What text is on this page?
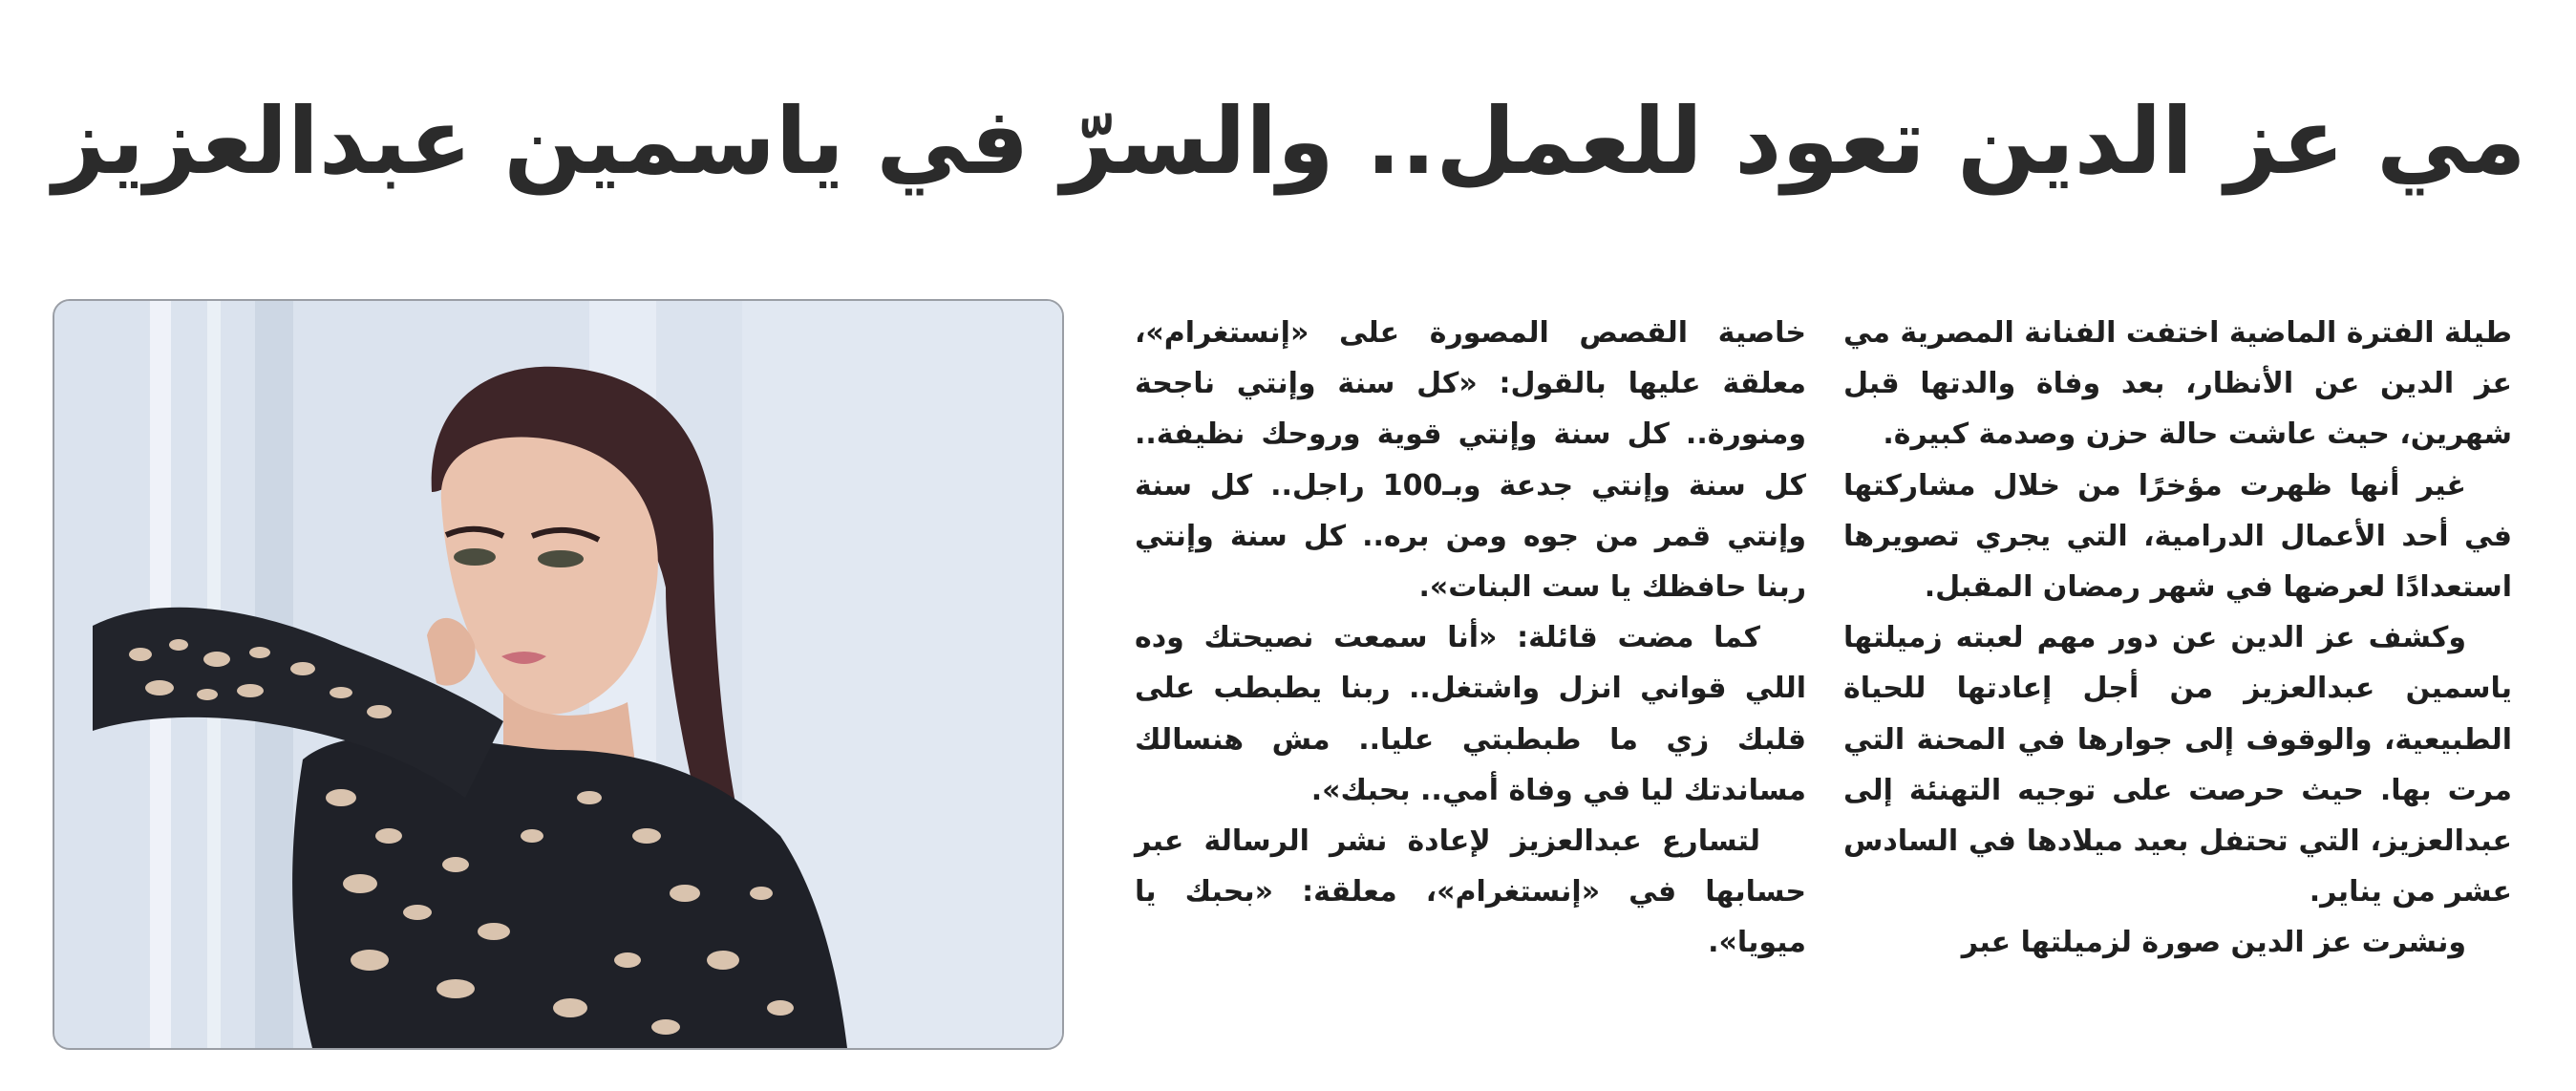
مي عز الدين تعود للعمل.. والسرّ في ياسمين عبدالعزيز

طيلة الفترة الماضية اختفت الفنانة المصرية مي عز الدين عن الأنظار، بعد وفاة والدتها قبل شهرين، حيث عاشت حالة حزن وصدمة كبيرة.

غير أنها ظهرت مؤخرًا من خلال مشاركتها في أحد الأعمال الدرامية، التي يجري تصويرها استعدادًا لعرضها في شهر رمضان المقبل.

وكشف عز الدين عن دور مهم لعبته زميلتها ياسمين عبدالعزيز من أجل إعادتها للحياة الطبيعية، والوقوف إلى جوارها في المحنة التي مرت بها. حيث حرصت على توجيه التهنئة إلى عبدالعزيز، التي تحتفل بعيد ميلادها في السادس عشر من يناير.

ونشرت عز الدين صورة لزميلتها عبر

خاصية القصص المصورة على «إنستغرام»، معلقة عليها بالقول: «كل سنة وإنتي ناجحة ومنورة.. كل سنة وإنتي قوية وروحك نظيفة.. كل سنة وإنتي جدعة وبـ100 راجل.. كل سنة وإنتي قمر من جوه ومن بره.. كل سنة وإنتي ربنا حافظك يا ست البنات».

كما مضت قائلة: «أنا سمعت نصيحتك وده اللي قواني انزل واشتغل.. ربنا يطبطب على قلبك زي ما طبطبتي عليا.. مش هنسالك مساندتك ليا في وفاة أمي.. بحبك».

لتسارع عبدالعزيز لإعادة نشر الرسالة عبر حسابها في «إنستغرام»، معلقة: «بحبك يا ميويا».
